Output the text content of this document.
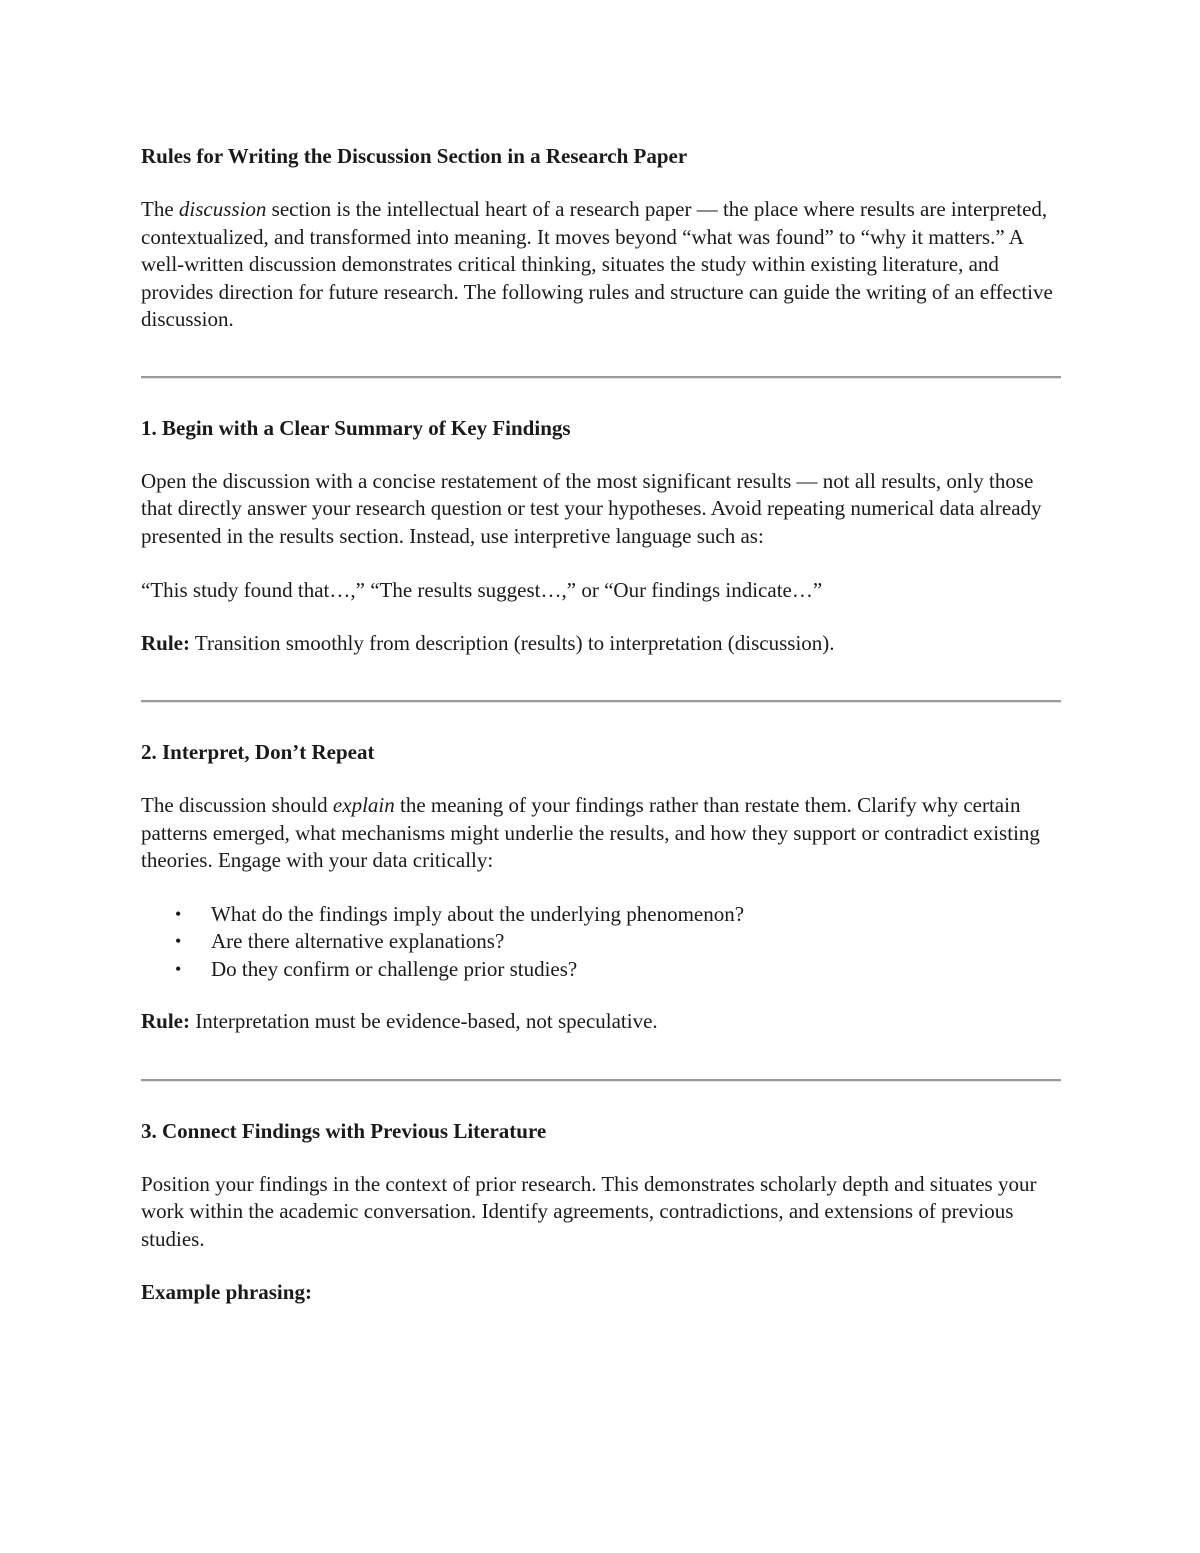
Rules for Writing the Discussion Section in a Research Paper

The discussion section is the intellectual heart of a research paper — the place where results are interpreted, contextualized, and transformed into meaning. It moves beyond “what was found” to “why it matters.” A well-written discussion demonstrates critical thinking, situates the study within existing literature, and provides direction for future research. The following rules and structure can guide the writing of an effective discussion.

1. Begin with a Clear Summary of Key Findings

Open the discussion with a concise restatement of the most significant results — not all results, only those that directly answer your research question or test your hypotheses. Avoid repeating numerical data already presented in the results section. Instead, use interpretive language such as:

“This study found that…,” “The results suggest…,” or “Our findings indicate…”

Rule: Transition smoothly from description (results) to interpretation (discussion).

2. Interpret, Don’t Repeat

The discussion should explain the meaning of your findings rather than restate them. Clarify why certain patterns emerged, what mechanisms might underlie the results, and how they support or contradict existing theories. Engage with your data critically:

• What do the findings imply about the underlying phenomenon?
• Are there alternative explanations?
• Do they confirm or challenge prior studies?

Rule: Interpretation must be evidence-based, not speculative.

3. Connect Findings with Previous Literature

Position your findings in the context of prior research. This demonstrates scholarly depth and situates your work within the academic conversation. Identify agreements, contradictions, and extensions of previous studies.

Example phrasing:
